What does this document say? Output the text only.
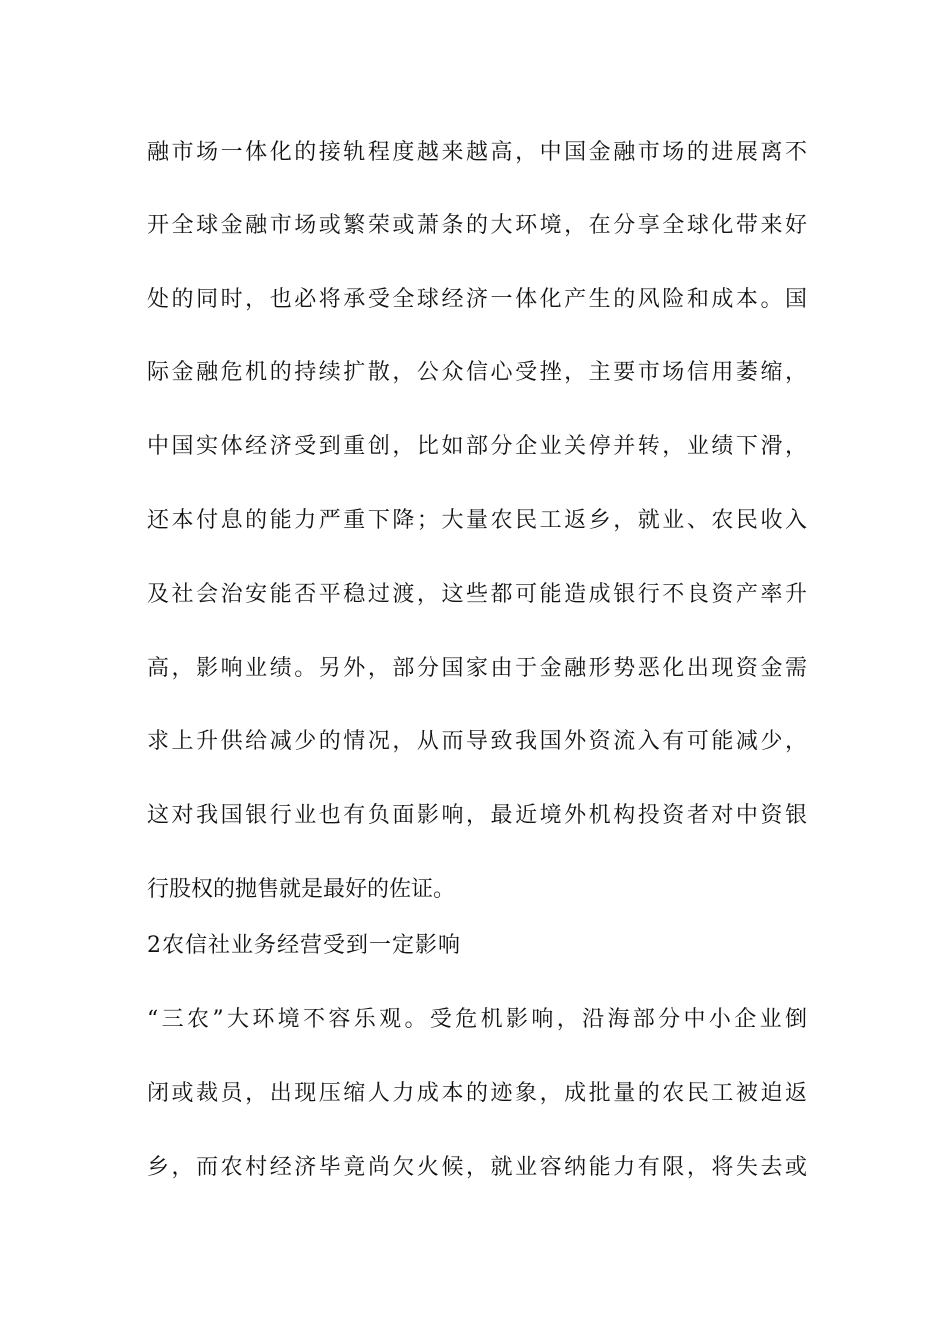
融市场一体化的接轨程度越来越高，中国金融市场的进展离不
开全球金融市场或繁荣或萧条的大环境，在分享全球化带来好
处的同时，也必将承受全球经济一体化产生的风险和成本。国
际金融危机的持续扩散，公众信心受挫，主要市场信用萎缩，
中国实体经济受到重创，比如部分企业关停并转，业绩下滑，
还本付息的能力严重下降；大量农民工返乡，就业、农民收入
及社会治安能否平稳过渡，这些都可能造成银行不良资产率升
高，影响业绩。另外，部分国家由于金融形势恶化出现资金需
求上升供给减少的情况，从而导致我国外资流入有可能减少，
这对我国银行业也有负面影响，最近境外机构投资者对中资银
行股权的抛售就是最好的佐证。
2农信社业务经营受到一定影响
“三农”大环境不容乐观。受危机影响，沿海部分中小企业倒
闭或裁员，出现压缩人力成本的迹象，成批量的农民工被迫返
乡，而农村经济毕竟尚欠火候，就业容纳能力有限，将失去或
